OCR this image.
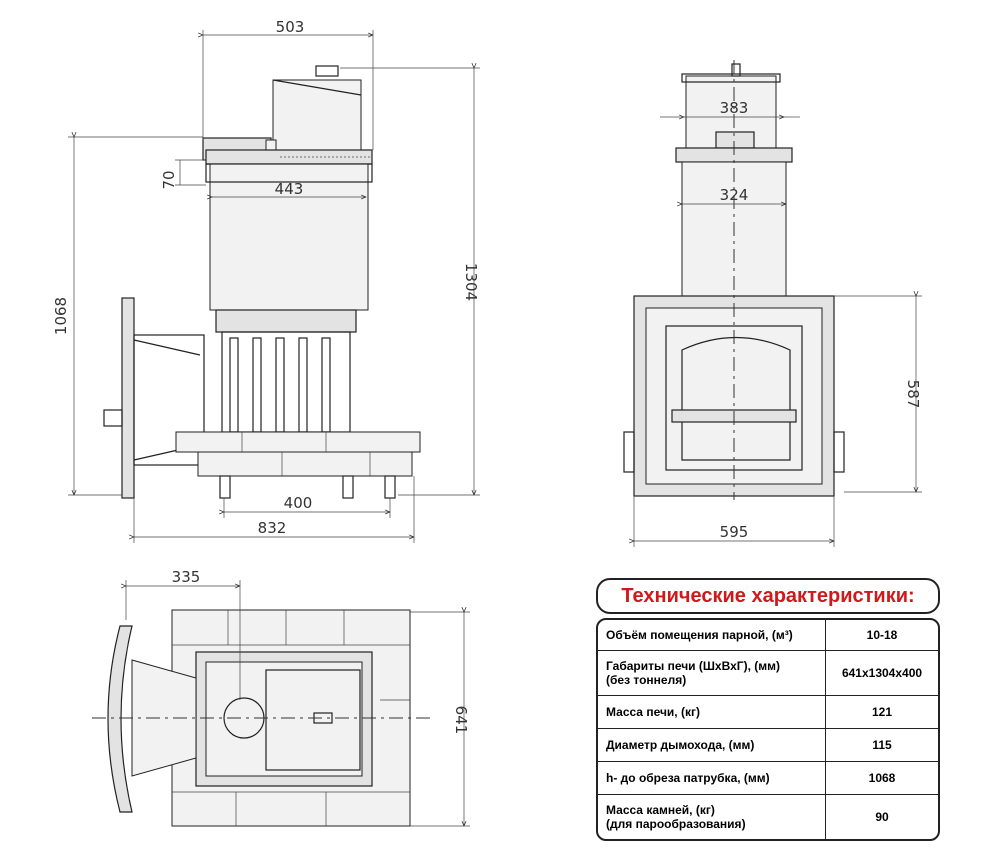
503
443
1068
70
1304
400
832
383
324
587
595
335
641
Технические характеристики:
Объём помещения парной, (м³)	10-18
Габариты печи (ШхВхГ), (мм)
(без тоннеля)	641х1304х400
Масса печи, (кг)	121
Диаметр дымохода, (мм)	115
h- до обреза патрубка, (мм)	1068
Масса камней, (кг)
(для парообразования)	90
